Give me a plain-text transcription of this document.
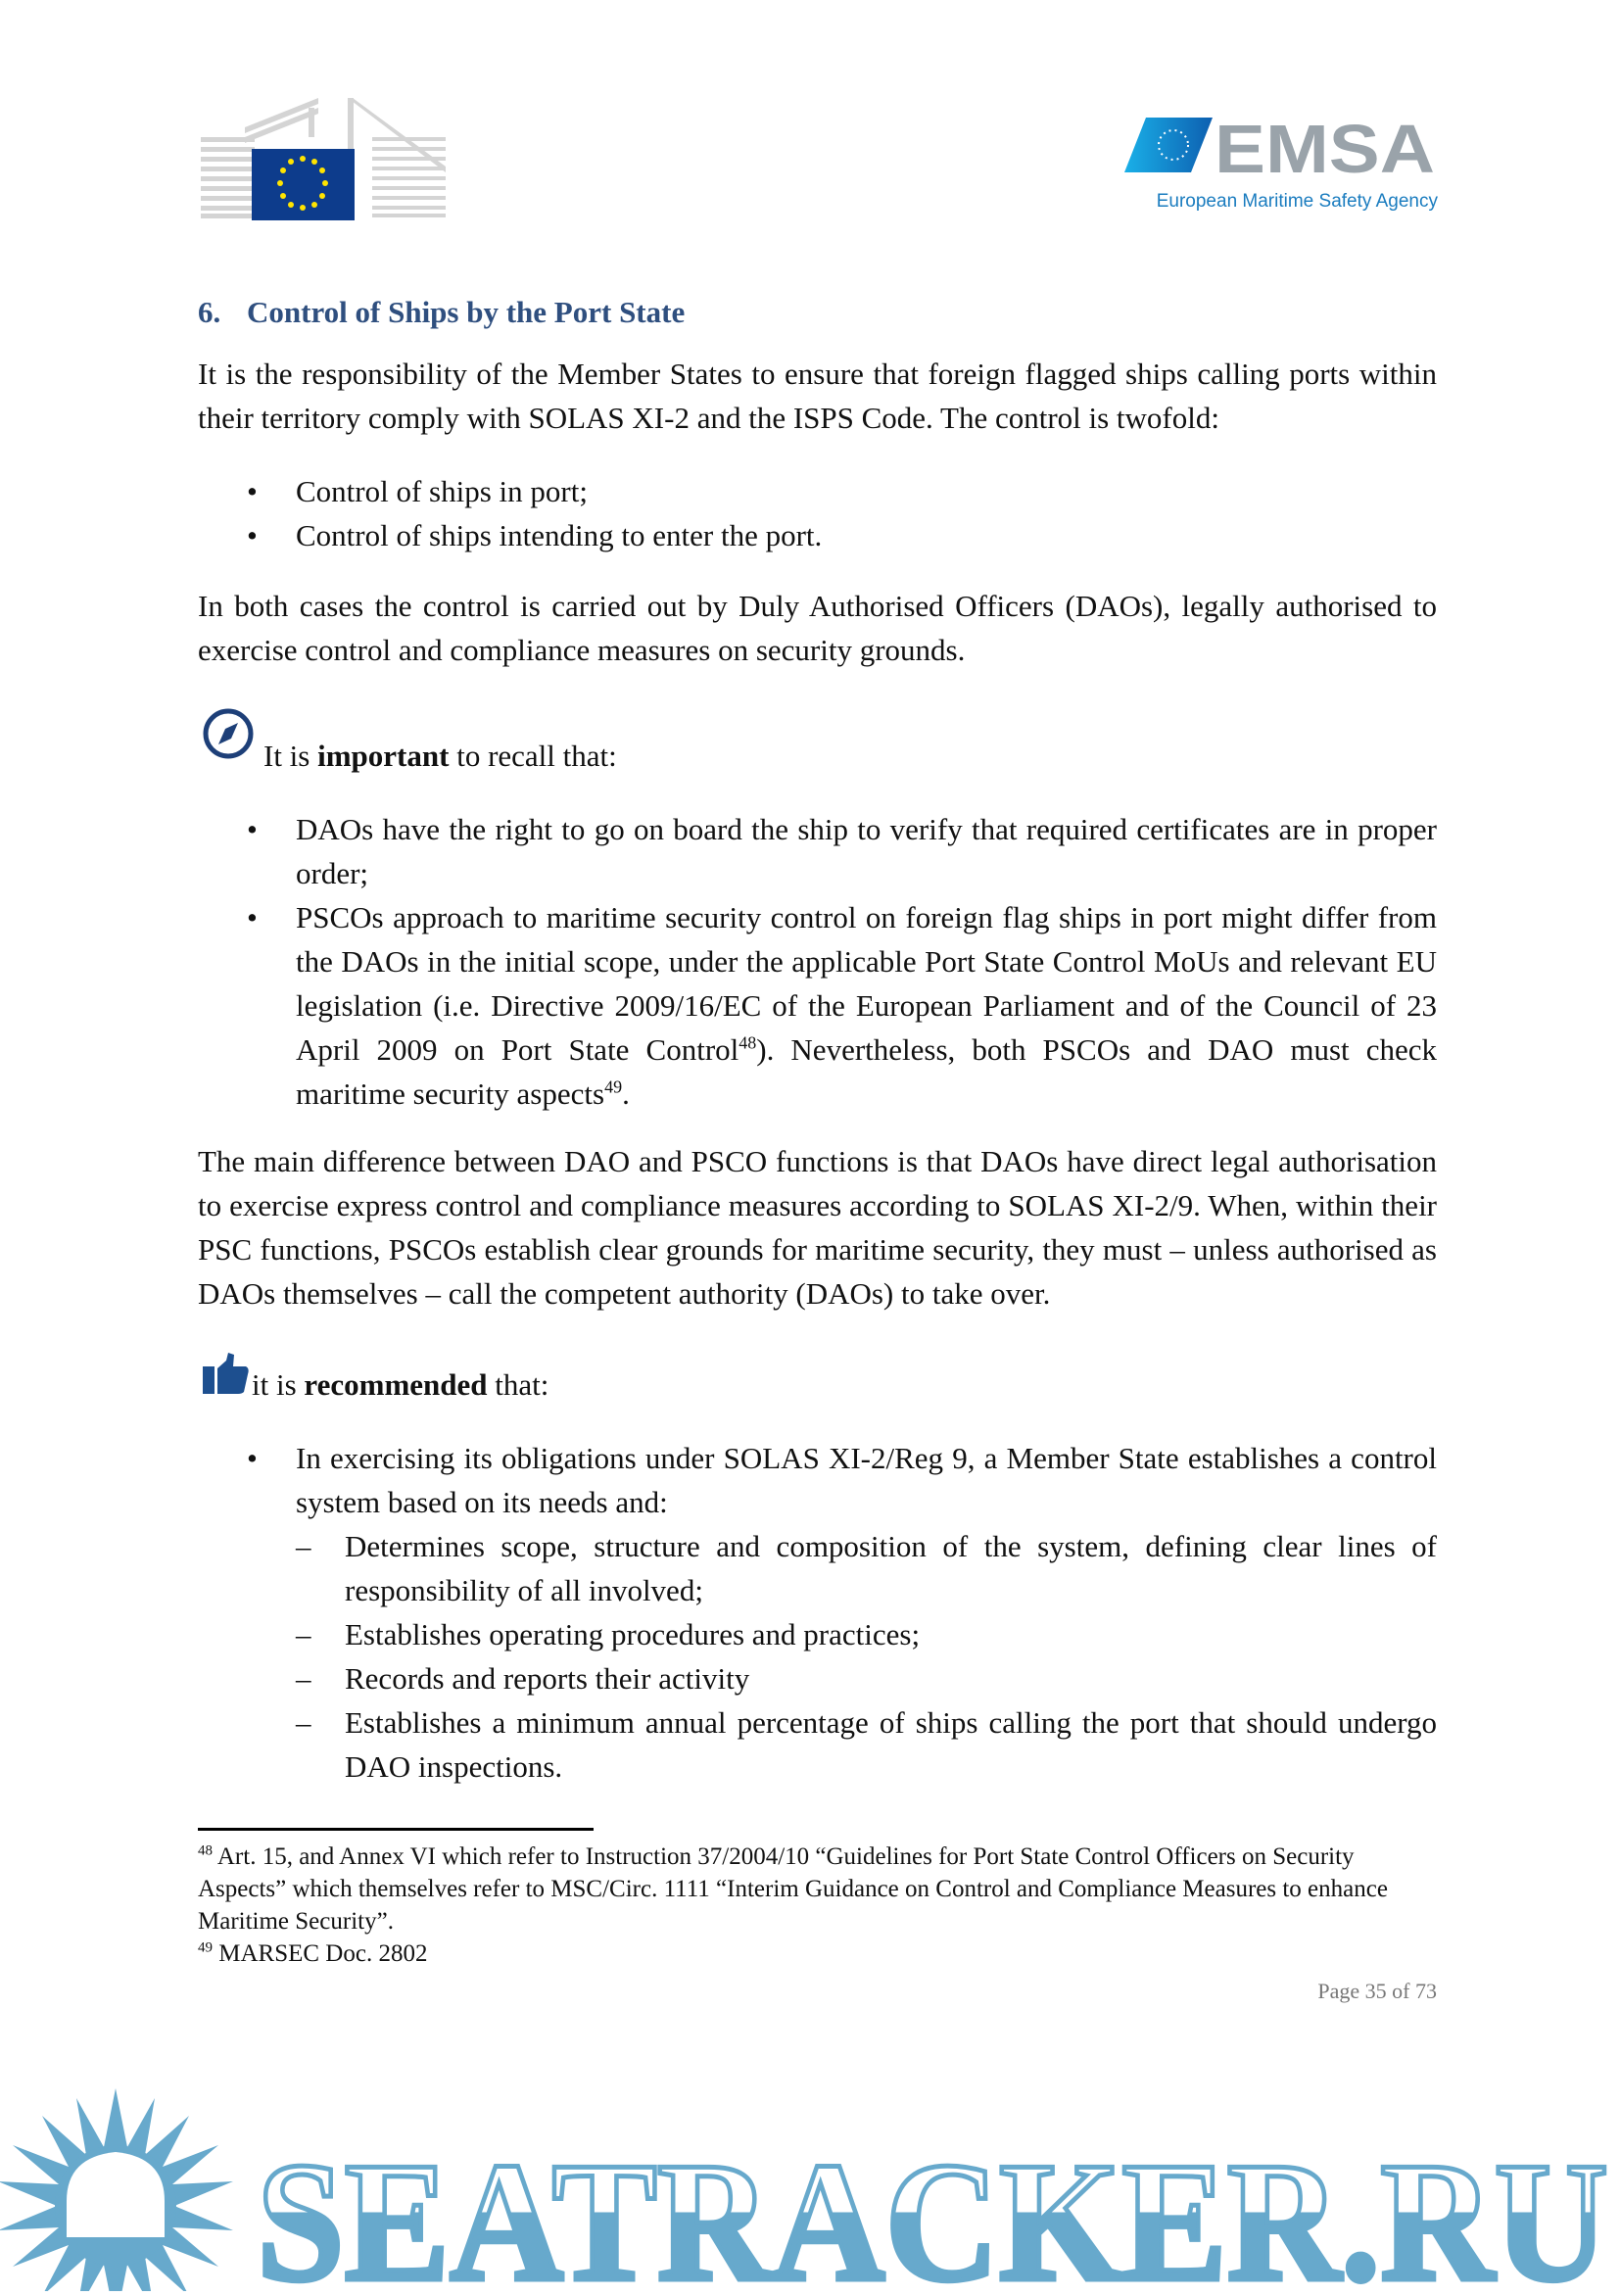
EMSA
European Maritime Safety Agency
6. Control of Ships by the Port State
It is the responsibility of the Member States to ensure that foreign flagged ships calling ports within their territory comply with SOLAS XI-2 and the ISPS Code. The control is twofold:
• Control of ships in port;
• Control of ships intending to enter the port.
In both cases the control is carried out by Duly Authorised Officers (DAOs), legally authorised to exercise control and compliance measures on security grounds.
It is important to recall that:
• DAOs have the right to go on board the ship to verify that required certificates are in proper order;
• PSCOs approach to maritime security control on foreign flag ships in port might differ from the DAOs in the initial scope, under the applicable Port State Control MoUs and relevant EU legislation (i.e. Directive 2009/16/EC of the European Parliament and of the Council of 23 April 2009 on Port State Control$^{48}$). Nevertheless, both PSCOs and DAO must check maritime security aspects$^{49}$.
The main difference between DAO and PSCO functions is that DAOs have direct legal authorisation to exercise express control and compliance measures according to SOLAS XI-2/9. When, within their PSC functions, PSCOs establish clear grounds for maritime security, they must – unless authorised as DAOs themselves – call the competent authority (DAOs) to take over.
it is recommended that:
• In exercising its obligations under SOLAS XI-2/Reg 9, a Member State establishes a control system based on its needs and:
– Determines scope, structure and composition of the system, defining clear lines of responsibility of all involved;
– Establishes operating procedures and practices;
– Records and reports their activity
– Establishes a minimum annual percentage of ships calling the port that should undergo DAO inspections.
$^{48}$ Art. 15, and Annex VI which refer to Instruction 37/2004/10 “Guidelines for Port State Control Officers on Security Aspects” which themselves refer to MSC/Circ. 1111 “Interim Guidance on Control and Compliance Measures to enhance Maritime Security”.
$^{49}$ MARSEC Doc. 2802
Page 35 of 73
SEATRACKER.RU
